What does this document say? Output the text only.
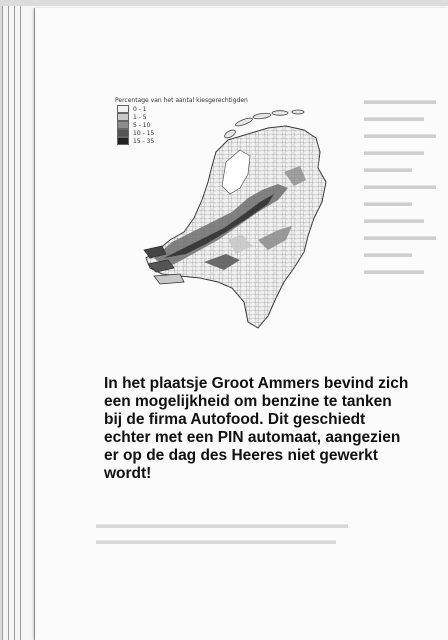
▬▬▬▬▬▬
▬▬▬▬▬
▬▬▬▬▬▬
▬▬▬▬▬
▬▬▬▬
▬▬▬▬▬▬
▬▬▬▬
▬▬▬▬▬
▬▬▬▬▬▬
▬▬▬▬
▬▬▬▬▬
▬▬▬▬▬▬▬▬▬▬▬▬▬▬▬▬▬▬▬▬▬
▬▬▬▬▬▬▬▬▬▬▬▬▬▬▬▬▬▬▬▬
Percentage van het aantal kiesgerechtigden
0 - 1
1 - 5
5 - 10
10 - 15
15 - 35
In het plaatsje Groot Ammers bevind zich
een mogelijkheid om benzine te tanken
bij de firma Autofood. Dit geschiedt
echter met een PIN automaat, aangezien
er op de dag des Heeres niet gewerkt
wordt!
